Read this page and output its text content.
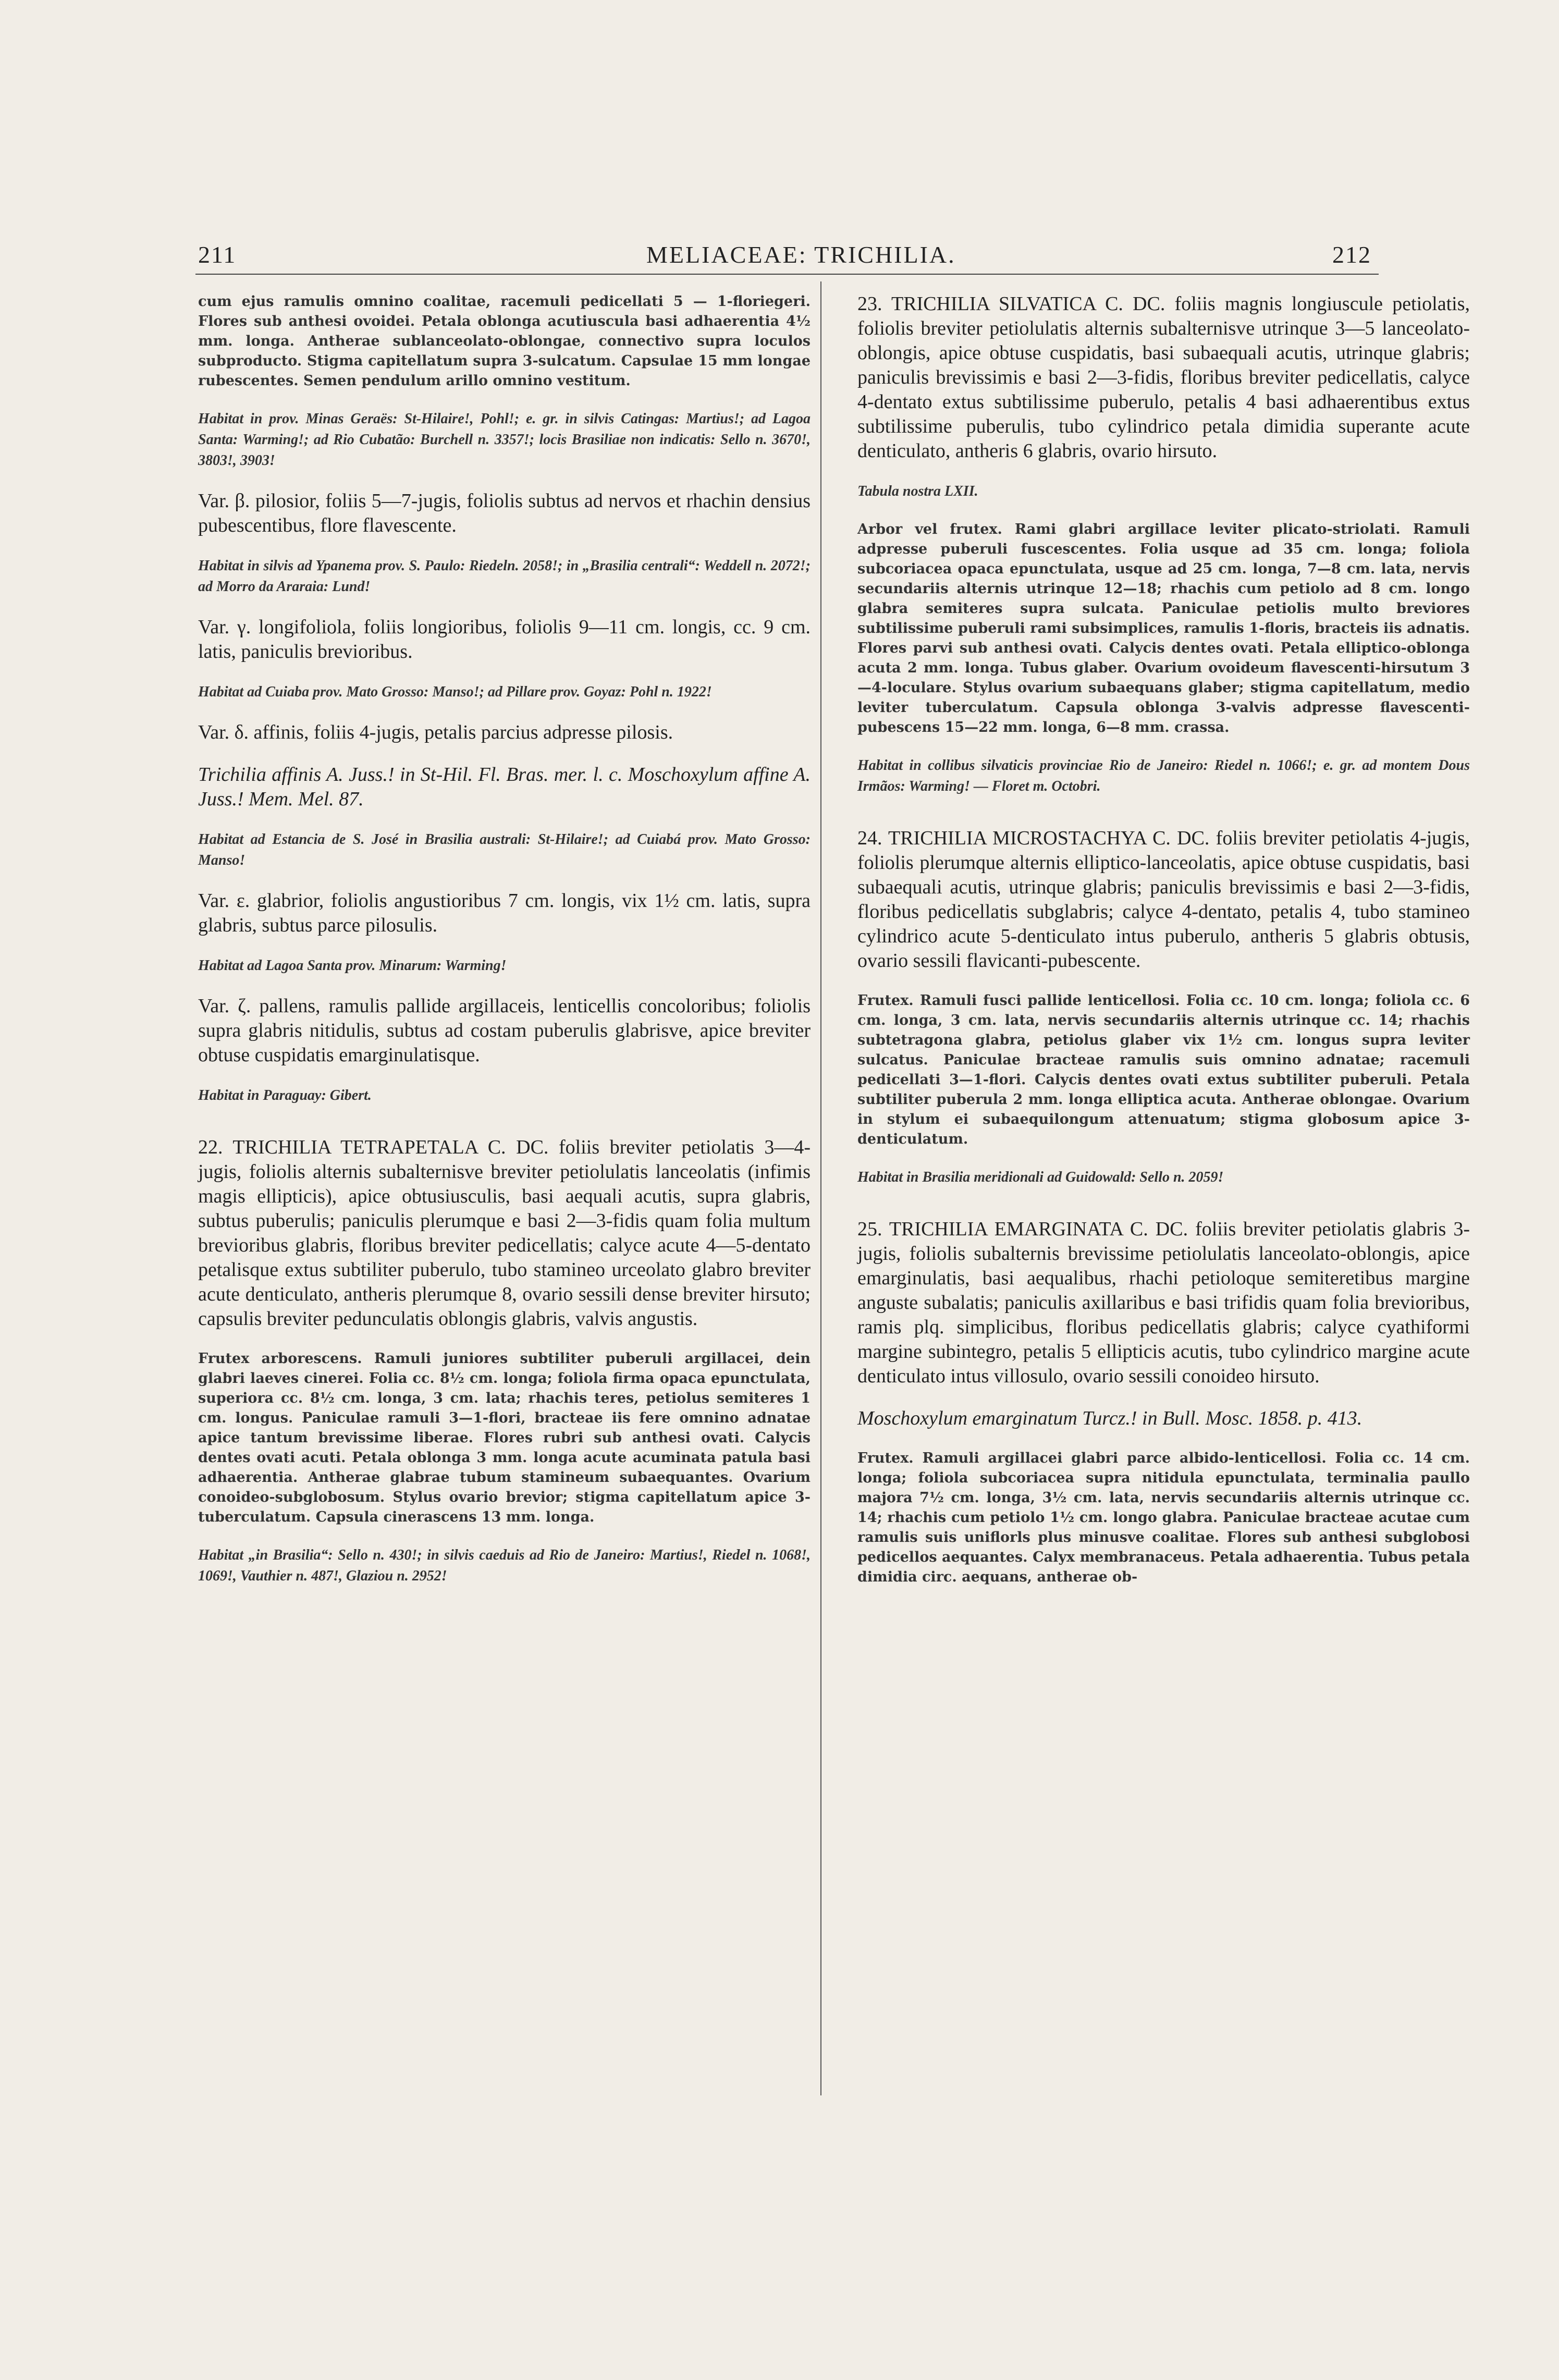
211	MELIACEAE: TRICHILIA.	212

cum ejus ramulis omnino coalitae, racemuli pedicellati 5 — 1-floriegeri. Flores sub anthesi ovoidei. Petala oblonga acutiuscula basi adhaerentia 4½ mm. longa. Antherae sublanceolato-oblongae, connectivo supra loculos subproducto. Stigma capitellatum supra 3-sulcatum. Capsulae 15 mm longae rubescentes. Semen pendulum arillo omnino vestitum.

Habitat in prov. Minas Geraës: St-Hilaire!, Pohl!; e. gr. in silvis Catingas: Martius!; ad Lagoa Santa: Warming!; ad Rio Cubatão: Burchell n. 3357!; locis Brasiliae non indicatis: Sello n. 3670!, 3803!, 3903!

Var. β. pilosior, foliis 5—7-jugis, foliolis subtus ad nervos et rhachin densius pubescentibus, flore flavescente.

Habitat in silvis ad Ypanema prov. S. Paulo: Riedeln. 2058!; in „Brasilia centrali“: Weddell n. 2072!; ad Morro da Araraia: Lund!

Var. γ. longifoliola, foliis longioribus, foliolis 9—11 cm. longis, cc. 9 cm. latis, paniculis brevioribus.

Habitat ad Cuiaba prov. Mato Grosso: Manso!; ad Pillare prov. Goyaz: Pohl n. 1922!

Var. δ. affinis, foliis 4-jugis, petalis parcius adpresse pilosis.

Trichilia affinis A. Juss.! in St-Hil. Fl. Bras. mer. l. c. Moschoxylum affine A. Juss.! Mem. Mel. 87.

Habitat ad Estancia de S. José in Brasilia australi: St-Hilaire!; ad Cuiabá prov. Mato Grosso: Manso!

Var. ε. glabrior, foliolis angustioribus 7 cm. longis, vix 1½ cm. latis, supra glabris, subtus parce pilosulis.

Habitat ad Lagoa Santa prov. Minarum: Warming!

Var. ζ. pallens, ramulis pallide argillaceis, lenticellis concoloribus; foliolis supra glabris nitidulis, subtus ad costam puberulis glabrisve, apice breviter obtuse cuspidatis emarginulatisque.

Habitat in Paraguay: Gibert.

22. TRICHILIA TETRAPETALA C. DC. foliis breviter petiolatis 3—4-jugis, foliolis alternis subalternisve breviter petiolulatis lanceolatis (infimis magis ellipticis), apice obtusiusculis, basi aequali acutis, supra glabris, subtus puberulis; paniculis plerumque e basi 2—3-fidis quam folia multum brevioribus glabris, floribus breviter pedicellatis; calyce acute 4—5-dentato petalisque extus subtiliter puberulo, tubo stamineo urceolato glabro breviter acute denticulato, antheris plerumque 8, ovario sessili dense breviter hirsuto; capsulis breviter pedunculatis oblongis glabris, valvis angustis.

Frutex arborescens. Ramuli juniores subtiliter puberuli argillacei, dein glabri laeves cinerei. Folia cc. 8½ cm. longa; foliola firma opaca epunctulata, superiora cc. 8½ cm. longa, 3 cm. lata; rhachis teres, petiolus semiteres 1 cm. longus. Paniculae ramuli 3—1-flori, bracteae iis fere omnino adnatae apice tantum brevissime liberae. Flores rubri sub anthesi ovati. Calycis dentes ovati acuti. Petala oblonga 3 mm. longa acute acuminata patula basi adhaerentia. Antherae glabrae tubum stamineum subaequantes. Ovarium conoideo-subglobosum. Stylus ovario brevior; stigma capitellatum apice 3-tuberculatum. Capsula cinerascens 13 mm. longa.

Habitat „in Brasilia“: Sello n. 430!; in silvis caeduis ad Rio de Janeiro: Martius!, Riedel n. 1068!, 1069!, Vauthier n. 487!, Glaziou n. 2952!

23. TRICHILIA SILVATICA C. DC. foliis magnis longiuscule petiolatis, foliolis breviter petiolulatis alternis subalternisve utrinque 3—5 lanceolato-oblongis, apice obtuse cuspidatis, basi subaequali acutis, utrinque glabris; paniculis brevissimis e basi 2—3-fidis, floribus breviter pedicellatis, calyce 4-dentato extus subtilissime puberulo, petalis 4 basi adhaerentibus extus subtilissime puberulis, tubo cylindrico petala dimidia superante acute denticulato, antheris 6 glabris, ovario hirsuto.

Tabula nostra LXII.

Arbor vel frutex. Rami glabri argillace leviter plicato-striolati. Ramuli adpresse puberuli fuscescentes. Folia usque ad 35 cm. longa; foliola subcoriacea opaca epunctulata, usque ad 25 cm. longa, 7—8 cm. lata, nervis secundariis alternis utrinque 12—18; rhachis cum petiolo ad 8 cm. longo glabra semiteres supra sulcata. Paniculae petiolis multo breviores subtilissime puberuli rami subsimplices, ramulis 1-floris, bracteis iis adnatis. Flores parvi sub anthesi ovati. Calycis dentes ovati. Petala elliptico-oblonga acuta 2 mm. longa. Tubus glaber. Ovarium ovoideum flavescenti-hirsutum 3—4-loculare. Stylus ovarium subaequans glaber; stigma capitellatum, medio leviter tuberculatum. Capsula oblonga 3-valvis adpresse flavescenti-pubescens 15—22 mm. longa, 6—8 mm. crassa.

Habitat in collibus silvaticis provinciae Rio de Janeiro: Riedel n. 1066!; e. gr. ad montem Dous Irmãos: Warming! — Floret m. Octobri.

24. TRICHILIA MICROSTACHYA C. DC. foliis breviter petiolatis 4-jugis, foliolis plerumque alternis elliptico-lanceolatis, apice obtuse cuspidatis, basi subaequali acutis, utrinque glabris; paniculis brevissimis e basi 2—3-fidis, floribus pedicellatis subglabris; calyce 4-dentato, petalis 4, tubo stamineo cylindrico acute 5-denticulato intus puberulo, antheris 5 glabris obtusis, ovario sessili flavicanti-pubescente.

Frutex. Ramuli fusci pallide lenticellosi. Folia cc. 10 cm. longa; foliola cc. 6 cm. longa, 3 cm. lata, nervis secundariis alternis utrinque cc. 14; rhachis subtetragona glabra, petiolus glaber vix 1½ cm. longus supra leviter sulcatus. Paniculae bracteae ramulis suis omnino adnatae; racemuli pedicellati 3—1-flori. Calycis dentes ovati extus subtiliter puberuli. Petala subtiliter puberula 2 mm. longa elliptica acuta. Antherae oblongae. Ovarium in stylum ei subaequilongum attenuatum; stigma globosum apice 3-denticulatum.

Habitat in Brasilia meridionali ad Guidowald: Sello n. 2059!

25. TRICHILIA EMARGINATA C. DC. foliis breviter petiolatis glabris 3-jugis, foliolis subalternis brevissime petiolulatis lanceolato-oblongis, apice emarginulatis, basi aequalibus, rhachi petioloque semiteretibus margine anguste subalatis; paniculis axillaribus e basi trifidis quam folia brevioribus, ramis plq. simplicibus, floribus pedicellatis glabris; calyce cyathiformi margine subintegro, petalis 5 ellipticis acutis, tubo cylindrico margine acute denticulato intus villosulo, ovario sessili conoideo hirsuto.

Moschoxylum emarginatum Turcz.! in Bull. Mosc. 1858. p. 413.

Frutex. Ramuli argillacei glabri parce albido-lenticellosi. Folia cc. 14 cm. longa; foliola subcoriacea supra nitidula epunctulata, terminalia paullo majora 7½ cm. longa, 3½ cm. lata, nervis secundariis alternis utrinque cc. 14; rhachis cum petiolo 1½ cm. longo glabra. Paniculae bracteae acutae cum ramulis suis uniflorls plus minusve coalitae. Flores sub anthesi subglobosi pedicellos aequantes. Calyx membranaceus. Petala adhaerentia. Tubus petala dimidia circ. aequans, antherae ob-
